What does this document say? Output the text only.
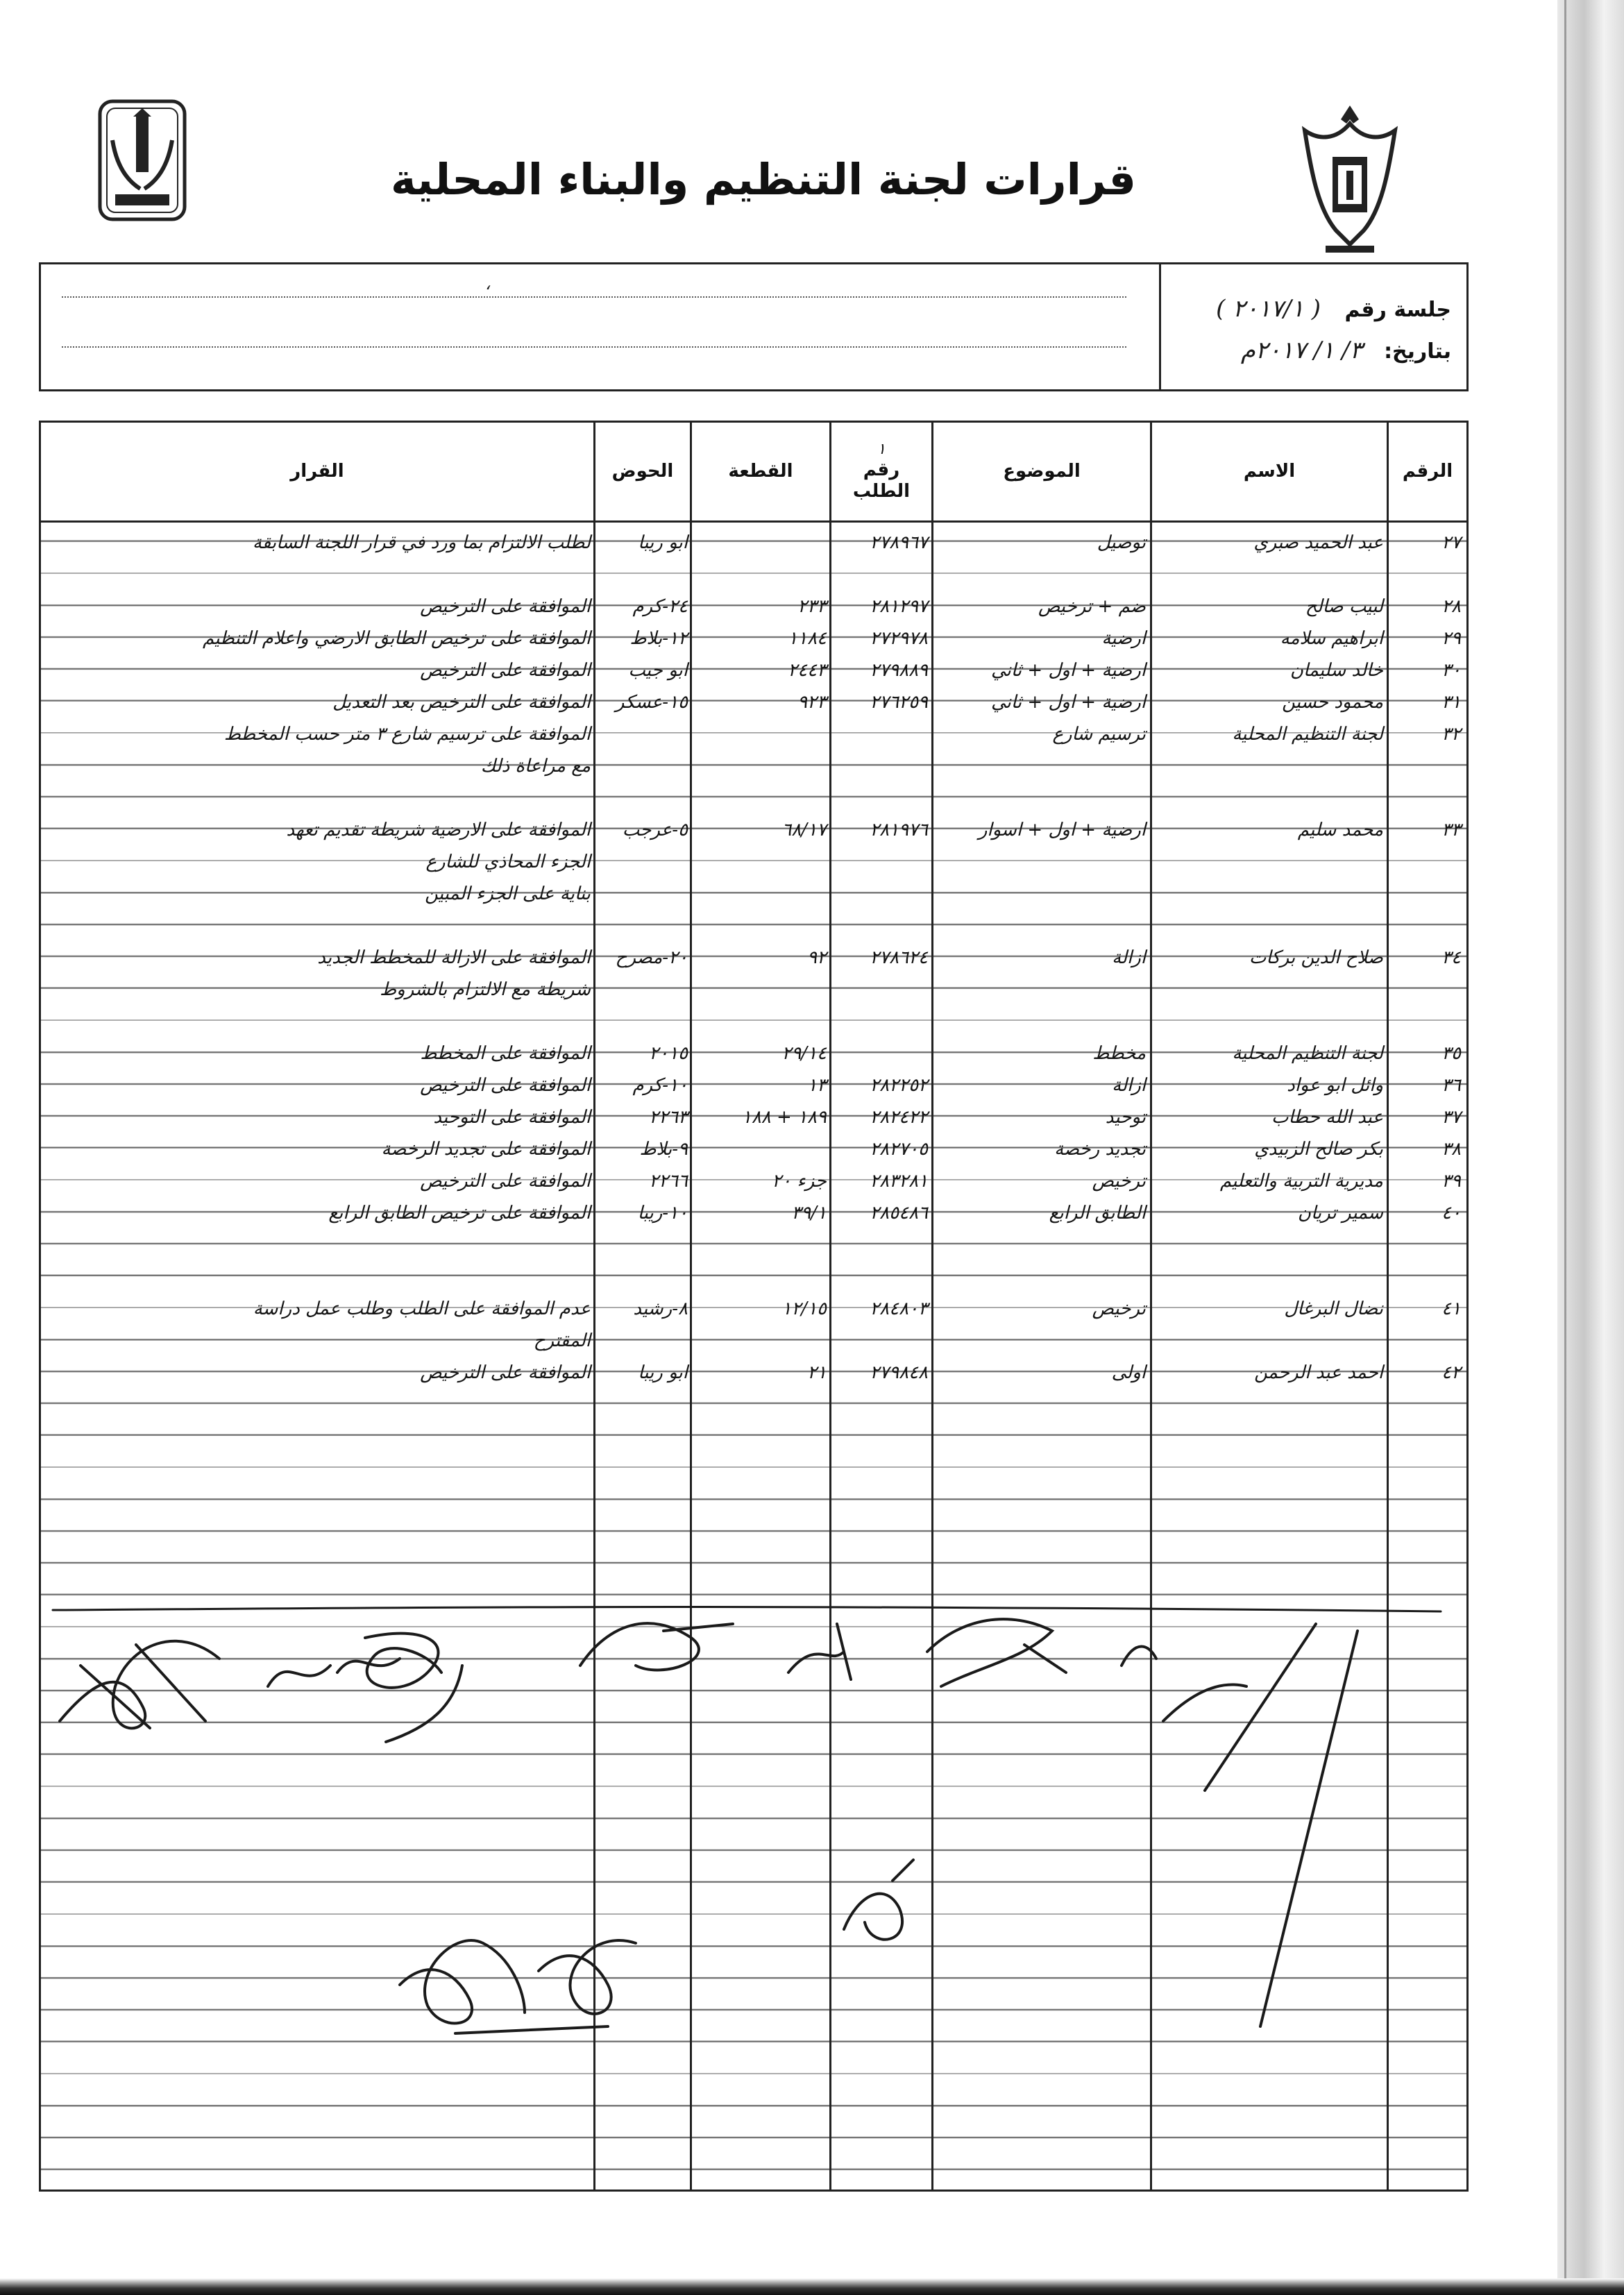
قرارات لجنة التنظيم والبناء المحلية
،
جلسة رقم
( ٢٠١٧/١ )
بتاريخ:
٣/ ١/ ٢٠١٧م
الرقم
الاسم
الموضوع
١
رقم الطلب
القطعة
الحوض
القرار
٢٧
عبد الحميد صبري
توصيل
٢٧٨٩٦٧
ابو ريبا
لطلب الالتزام بما ورد في قرار اللجنة السابقة
٢٨
لبيب صالح
ضم + ترخيص
٢٨١٢٩٧
٢٣٣
٢٤-كرم
الموافقة على الترخيص
٢٩
ابراهيم سلامه
ارضية
٢٧٢٩٧٨
١١٨٤
١٢-بلاط
الموافقة على ترخيص الطابق الارضي واعلام التنظيم
٣٠
خالد سليمان
ارضية + اول + ثاني
٢٧٩٨٨٩
٢٤٤٣
ابو جيب
الموافقة على الترخيص
٣١
محمود حسين
ارضية + اول + ثاني
٢٧٦٢٥٩
٩٢٣
١٥-عسكر
الموافقة على الترخيص بعد التعديل
٣٢
لجنة التنظيم المحلية
ترسيم شارع
الموافقة على ترسيم شارع ٣ متر حسب المخطط
مع مراعاة ذلك
٣٣
محمد سليم
ارضية + اول + اسوار
٢٨١٩٧٦
٦٨/١٧
٥-عرجب
الموافقة على الارضية شريطة تقديم تعهد
الجزء المحاذي للشارع
بناية على الجزء المبين
٣٤
صلاح الدين بركات
ازالة
٢٧٨٦٢٤
٩٢
٢٠-مصرح
الموافقة على الازالة للمخطط الجديد
شريطة مع الالتزام بالشروط
٣٥
لجنة التنظيم المحلية
مخطط
٢٩/١٤
٢٠١٥
الموافقة على المخطط
٣٦
وائل ابو عواد
ازالة
٢٨٢٢٥٢
١٣
١٠-كرم
الموافقة على الترخيص
٣٧
عبد الله حطاب
توحيد
٢٨٢٤٢٢
١٨٩ + ١٨٨
٢٢٦٣
الموافقة على التوحيد
٣٨
بكر صالح الزبيدي
تجديد رخصة
٢٨٢٧٠٥
٩-بلاط
الموافقة على تجديد الرخصة
٣٩
مديرية التربية والتعليم
ترخيص
٢٨٣٢٨١
جزء ٢٠
٢٢٦٦
الموافقة على الترخيص
٤٠
سمير تريان
الطابق الرابع
٢٨٥٤٨٦
٣٩/١
١٠-ريبا
الموافقة على ترخيص الطابق الرابع
٤١
نضال البرغال
ترخيص
٢٨٤٨٠٣
١٢/١٥
٨-رشيد
عدم الموافقة على الطلب وطلب عمل دراسة
المقترح
٤٢
احمد عبد الرحمن
اولى
٢٧٩٨٤٨
٢١
ابو ريبا
الموافقة على الترخيص
